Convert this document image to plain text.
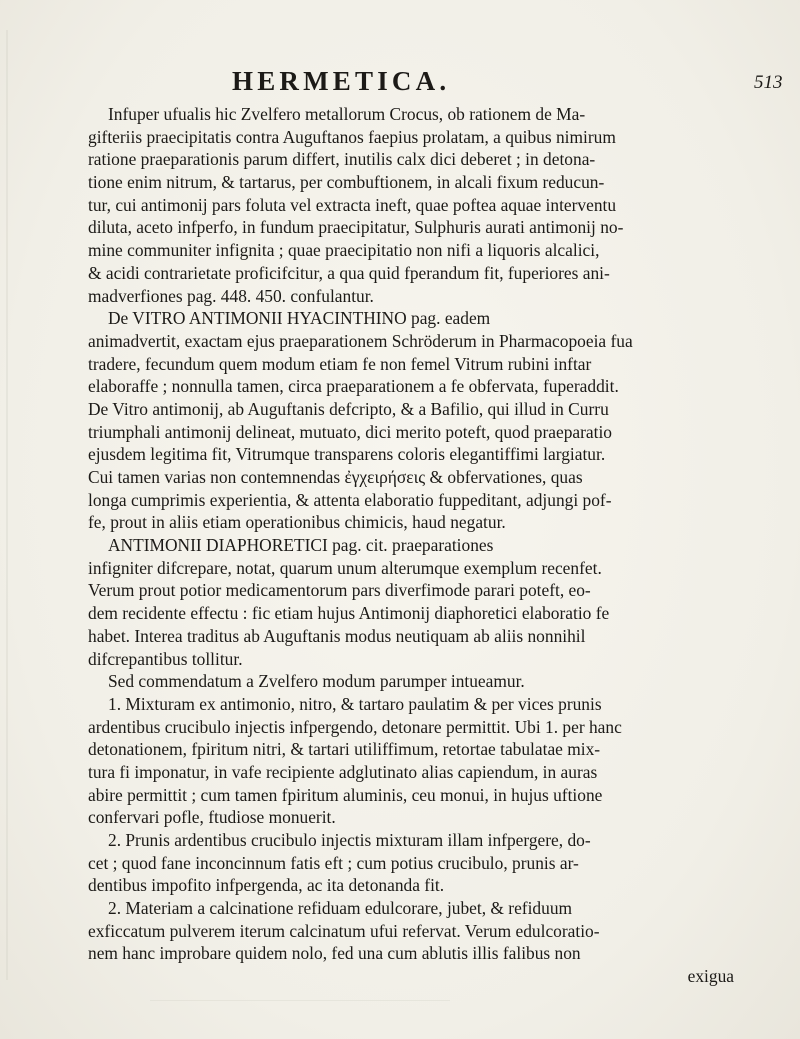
HERMETICA.	513
Infuper ufualis hic Zvelfero metallorum Crocus, ob rationem de Ma-
gifteriis praecipitatis contra Auguftanos faepius prolatam, a quibus nimirum
ratione praeparationis parum differt, inutilis calx dici deberet ; in detona-
tione enim nitrum, & tartarus, per combuftionem, in alcali fixum reducun-
tur, cui antimonij pars foluta vel extracta ineft, quae poftea aquae interventu
diluta, aceto infperfo, in fundum praecipitatur, Sulphuris aurati antimonij no-
mine communiter infignita ; quae praecipitatio non nifi a liquoris alcalici,
& acidi contrarietate proficifcitur, a qua quid fperandum fit, fuperiores ani-
madverfiones pag. 448. 450. confulantur.
De VITRO ANTIMONII HYACINTHINO pag. eadem
animadvertit, exactam ejus praeparationem Schröderum in Pharmacopoeia fua
tradere, fecundum quem modum etiam fe non femel Vitrum rubini inftar
elaboraffe ; nonnulla tamen, circa praeparationem a fe obfervata, fuperaddit.
De Vitro antimonij, ab Auguftanis defcripto, & a Bafilio, qui illud in Curru
triumphali antimonij delineat, mutuato, dici merito poteft, quod praeparatio
ejusdem legitima fit, Vitrumque transparens coloris elegantiffimi largiatur.
Cui tamen varias non contemnendas ἐγχειρήσεις & obfervationes, quas
longa cumprimis experientia, & attenta elaboratio fuppeditant, adjungi pof-
fe, prout in aliis etiam operationibus chimicis, haud negatur.
ANTIMONII DIAPHORETICI pag. cit. praeparationes
infigniter difcrepare, notat, quarum unum alterumque exemplum recenfet.
Verum prout potior medicamentorum pars diverfimode parari poteft, eo-
dem recidente effectu : fic etiam hujus Antimonij diaphoretici elaboratio fe
habet. Interea traditus ab Auguftanis modus neutiquam ab aliis nonnihil
difcrepantibus tollitur.
Sed commendatum a Zvelfero modum parumper intueamur.
1. Mixturam ex antimonio, nitro, & tartaro paulatim & per vices prunis
ardentibus crucibulo injectis infpergendo, detonare permittit. Ubi 1. per hanc
detonationem, fpiritum nitri, & tartari utiliffimum, retortae tabulatae mix-
tura fi imponatur, in vafe recipiente adglutinato alias capiendum, in auras
abire permittit ; cum tamen fpiritum aluminis, ceu monui, in hujus uftione
confervari pofle, ftudiose monuerit.
2. Prunis ardentibus crucibulo injectis mixturam illam infpergere, do-
cet ; quod fane inconcinnum fatis eft ; cum potius crucibulo, prunis ar-
dentibus impofito infpergenda, ac ita detonanda fit.
2. Materiam a calcinatione refiduam edulcorare, jubet, & refiduum
exficcatum pulverem iterum calcinatum ufui refervat. Verum edulcoratio-
nem hanc improbare quidem nolo, fed una cum ablutis illis falibus non
exigua
